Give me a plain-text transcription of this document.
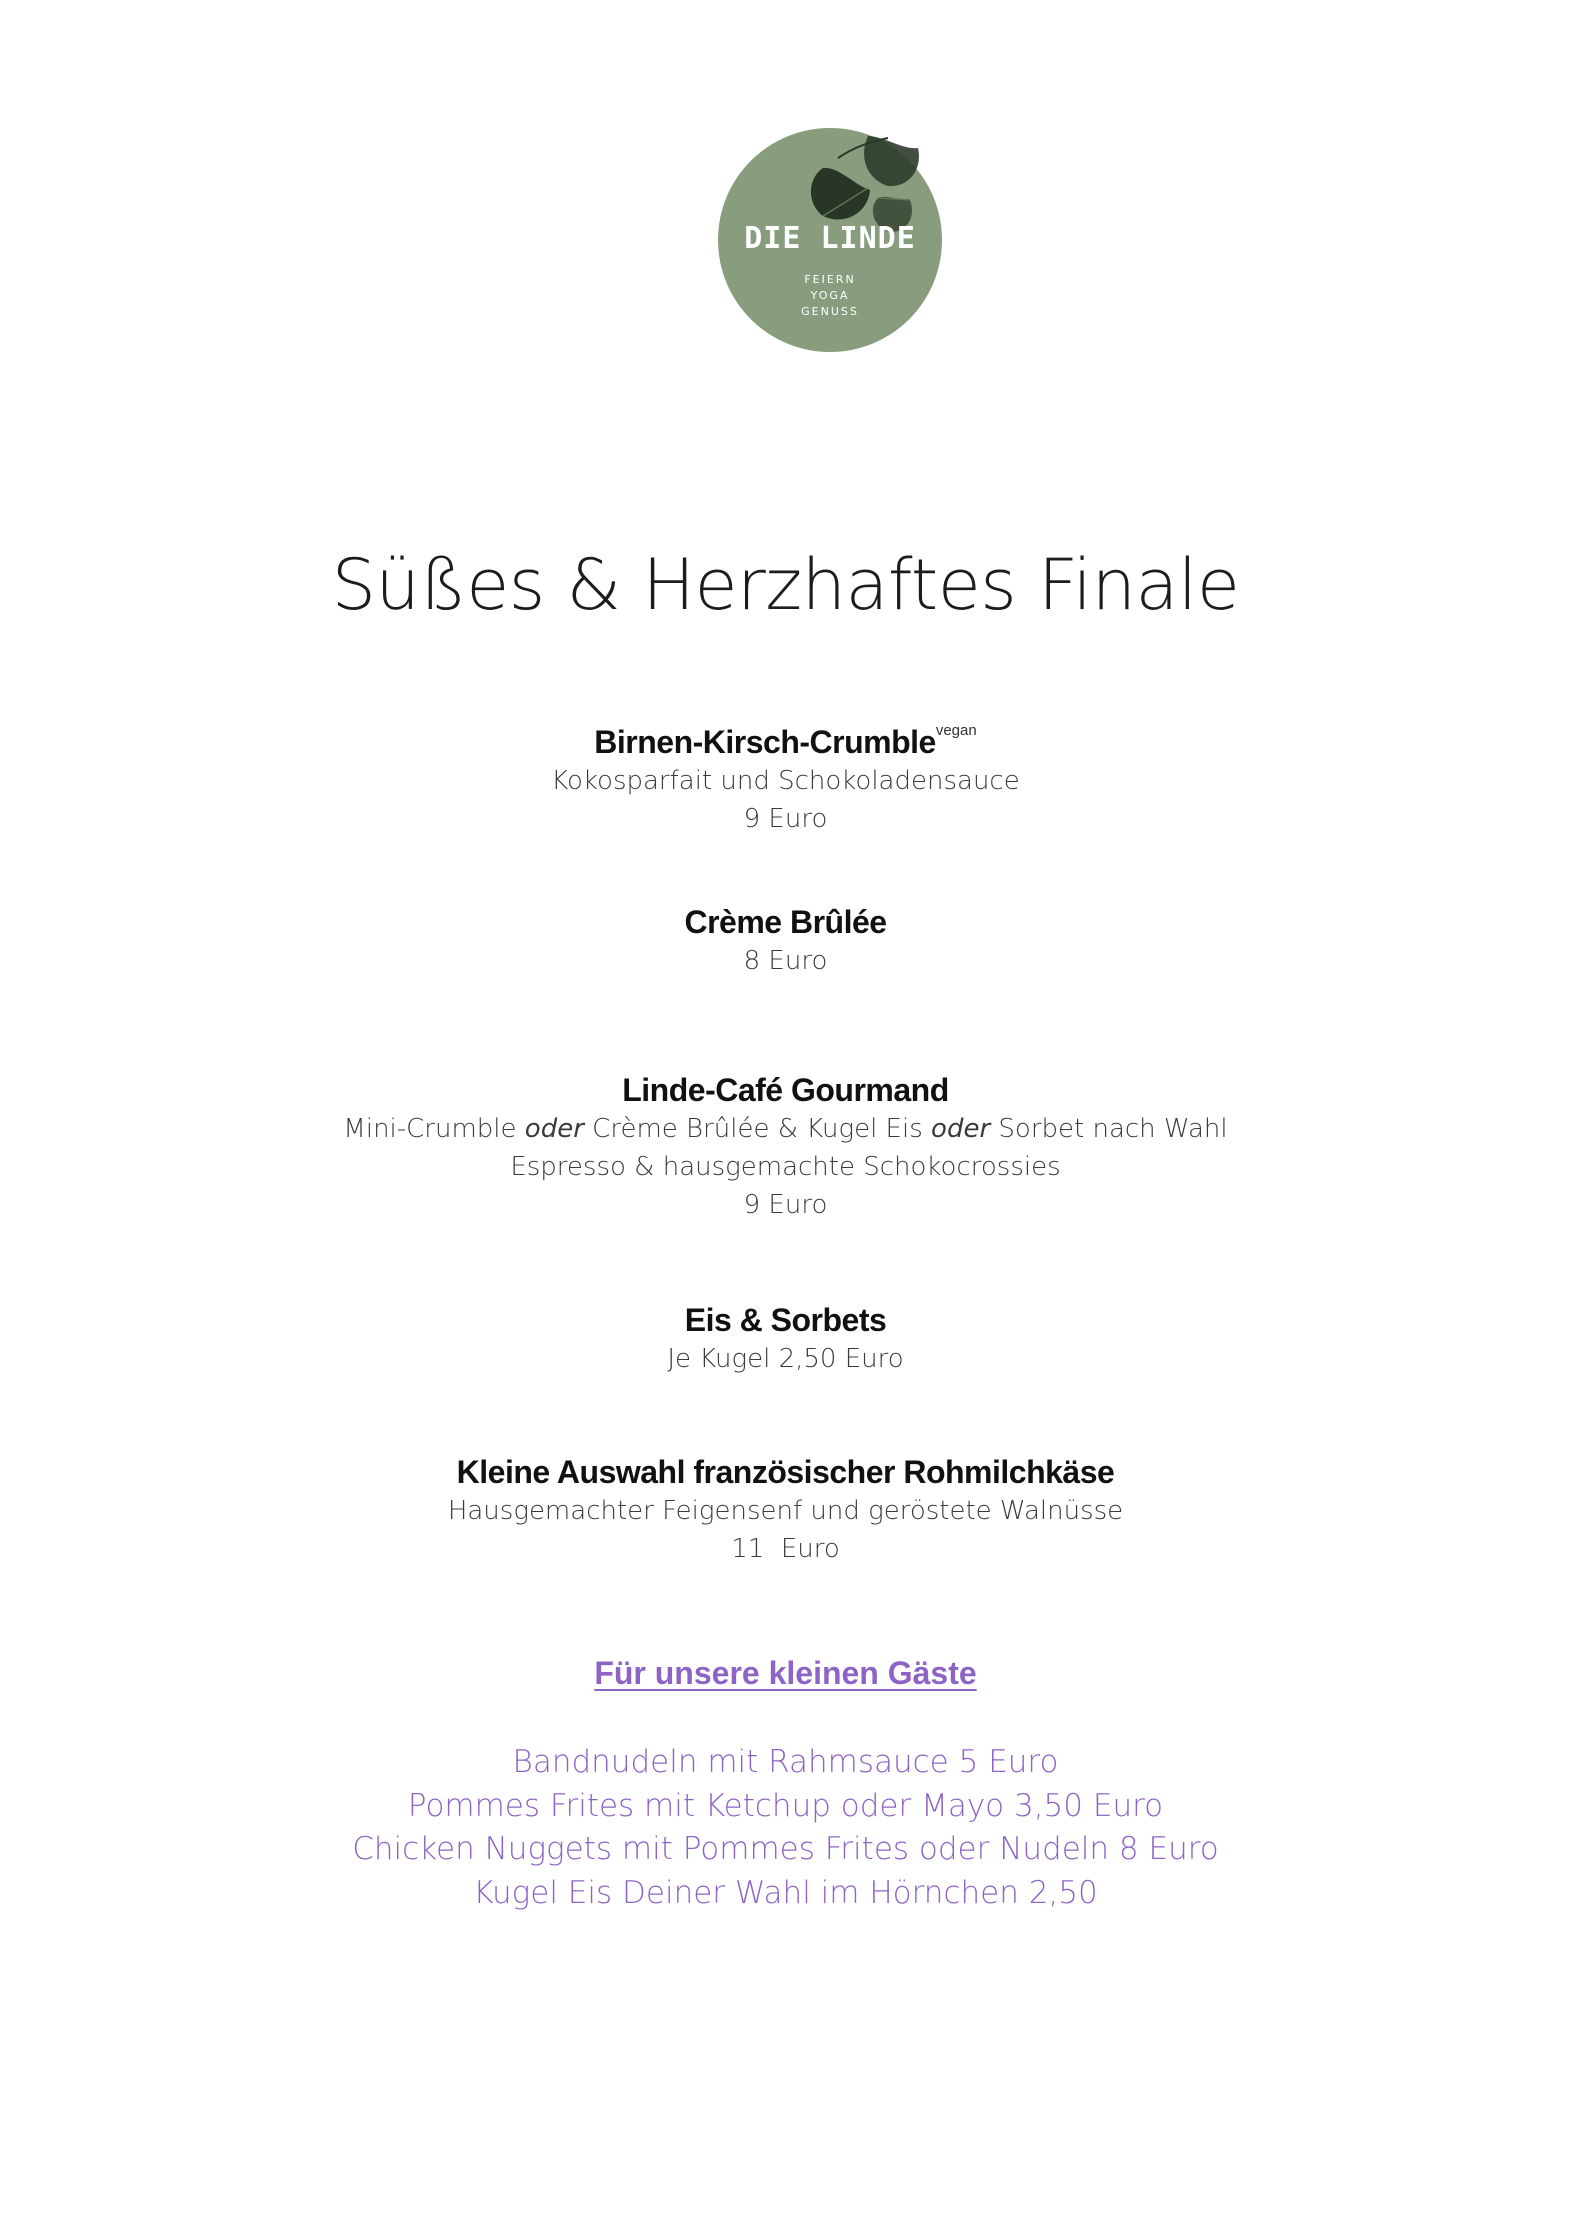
DIE LINDE
FEIERN
YOGA
GENUSS
Süßes & Herzhaftes Finale

Birnen-Kirsch-Crumble$^{vegan}$

Kokosparfait und Schokoladensauce

9 Euro

Crème Brûlée

8 Euro

Linde-Café Gourmand

Mini-Crumble oder Crème Brûlée & Kugel Eis oder Sorbet nach Wahl

Espresso & hausgemachte Schokocrossies

9 Euro

Eis & Sorbets

Je Kugel 2,50 Euro

Kleine Auswahl französischer Rohmilchkäse

Hausgemachter Feigensenf und geröstete Walnüsse

11  Euro

Für unsere kleinen Gäste
Bandnudeln mit Rahmsauce 5 Euro
Pommes Frites mit Ketchup oder Mayo 3,50 Euro
Chicken Nuggets mit Pommes Frites oder Nudeln 8 Euro
Kugel Eis Deiner Wahl im Hörnchen 2,50
